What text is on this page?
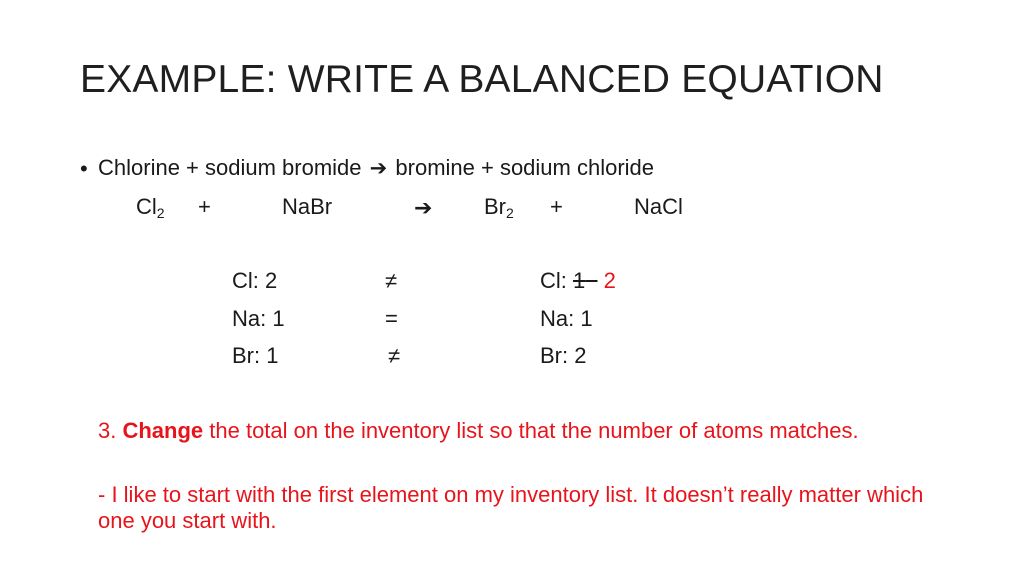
EXAMPLE: WRITE A BALANCED EQUATION
• Chlorine + sodium bromide ➔ bromine + sodium chloride
$Cl_2$ +	NaBr	➔ $Br_2$ +	NaCl
Cl: 2	≠	Cl: 1 2
Na: 1	=	Na: 1
Br: 1	≠	Br: 2
3. Change the total on the inventory list so that the number of atoms matches.
- I like to start with the first element on my inventory list. It doesn’t really matter which one you start with.
